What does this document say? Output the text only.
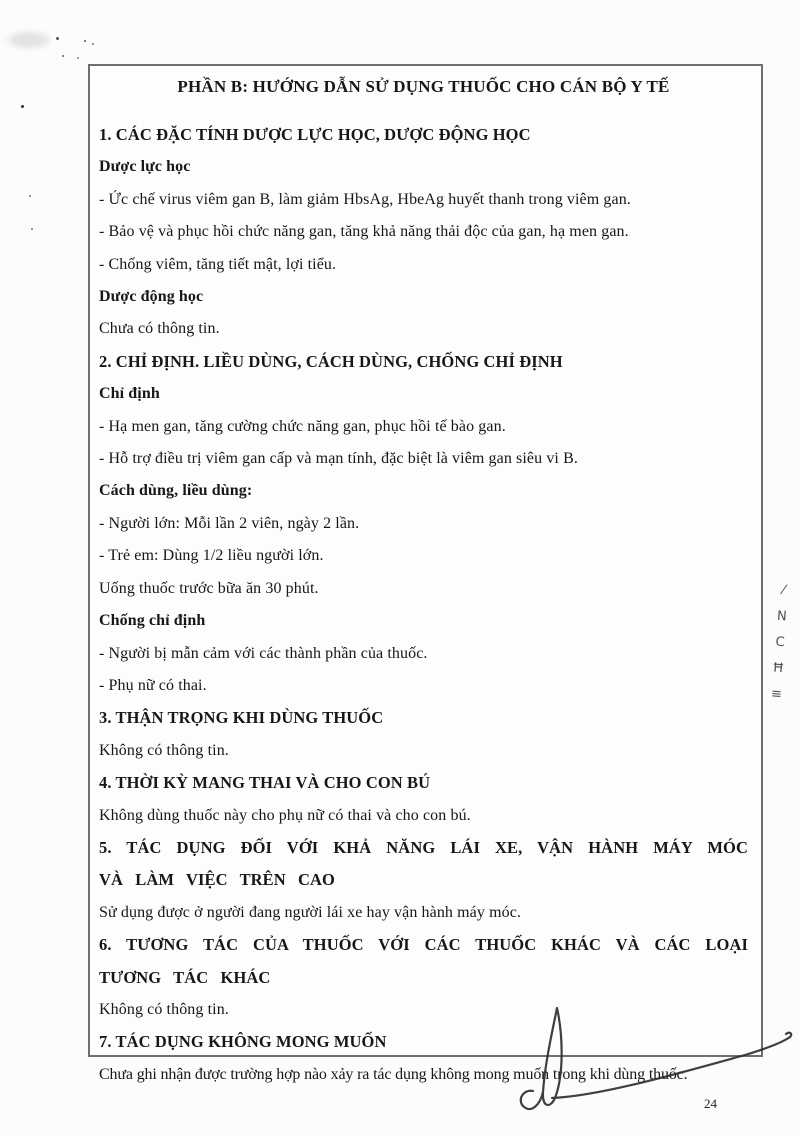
PHẦN B: HƯỚNG DẪN SỬ DỤNG THUỐC CHO CÁN BỘ Y TẾ
1. CÁC ĐẶC TÍNH DƯỢC LỰC HỌC, DƯỢC ĐỘNG HỌC
Dược lực học
- Ức chế virus viêm gan B, làm giảm HbsAg, HbeAg huyết thanh trong viêm gan.
- Bảo vệ và phục hồi chức năng gan, tăng khả năng thải độc của gan, hạ men gan.
- Chống viêm, tăng tiết mật, lợi tiểu.
Dược động học
Chưa có thông tin.
2. CHỈ ĐỊNH. LIỀU DÙNG, CÁCH DÙNG, CHỐNG CHỈ ĐỊNH
Chỉ định
- Hạ men gan, tăng cường chức năng gan, phục hồi tế bào gan.
- Hỗ trợ điều trị viêm gan cấp và mạn tính, đặc biệt là viêm gan siêu vi B.
Cách dùng, liều dùng:
- Người lớn: Mỗi lần 2 viên, ngày 2 lần.
- Trẻ em: Dùng 1/2 liều người lớn.
Uống thuốc trước bữa ăn 30 phút.
Chống chỉ định
- Người bị mẫn cảm với các thành phần của thuốc.
- Phụ nữ có thai.
3. THẬN TRỌNG KHI DÙNG THUỐC
Không có thông tin.
4. THỜI KỲ MANG THAI VÀ CHO CON BÚ
Không dùng thuốc này cho phụ nữ có thai và cho con bú.
5. TÁC DỤNG ĐỐI VỚI KHẢ NĂNG LÁI XE, VẬN HÀNH MÁY MÓC VÀ LÀM VIỆC TRÊN CAO
Sử dụng được ở người đang người lái xe hay vận hành máy móc.
6. TƯƠNG TÁC CỦA THUỐC VỚI CÁC THUỐC KHÁC VÀ CÁC LOẠI TƯƠNG TÁC KHÁC
Không có thông tin.
7. TÁC DỤNG KHÔNG MONG MUỐN
Chưa ghi nhận được trường hợp nào xảy ra tác dụng không mong muốn trong khi dùng thuốc.
⁄
N
C
Ħ
≡
24
